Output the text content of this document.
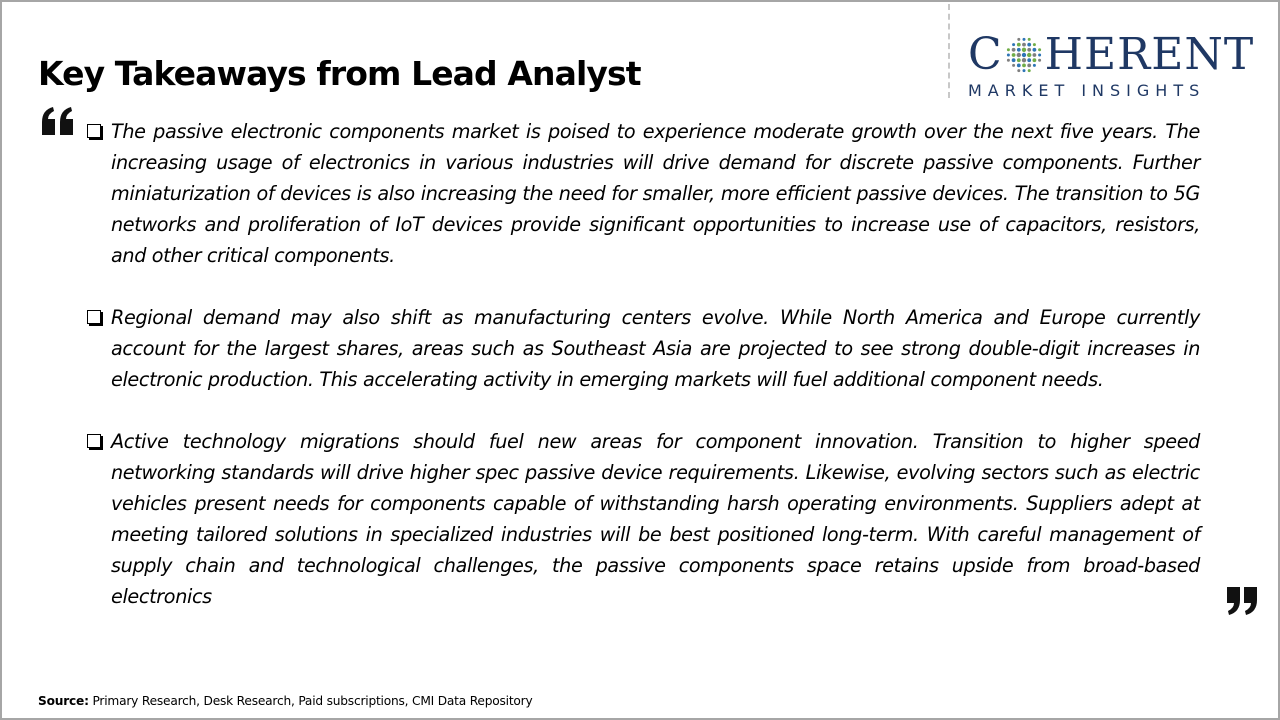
Key Takeaways from Lead Analyst	C HERENT
MARKET INSIGHTS

The passive electronic components market is poised to experience moderate growth over the next five years. The increasing usage of electronics in various industries will drive demand for discrete passive components. Further miniaturization of devices is also increasing the need for smaller, more efficient passive devices. The transition to 5G networks and proliferation of IoT devices provide significant opportunities to increase use of capacitors, resistors, and other critical components.

Regional demand may also shift as manufacturing centers evolve. While North America and Europe currently account for the largest shares, areas such as Southeast Asia are projected to see strong double-digit increases in electronic production. This accelerating activity in emerging markets will fuel additional component needs.

Active technology migrations should fuel new areas for component innovation. Transition to higher speed networking standards will drive higher spec passive device requirements. Likewise, evolving sectors such as electric vehicles present needs for components capable of withstanding harsh operating environments. Suppliers adept at meeting tailored solutions in specialized industries will be best positioned long-term. With careful management of supply chain and technological challenges, the passive components space retains upside from broad-based electronics

Source: Primary Research, Desk Research, Paid subscriptions, CMI Data Repository
